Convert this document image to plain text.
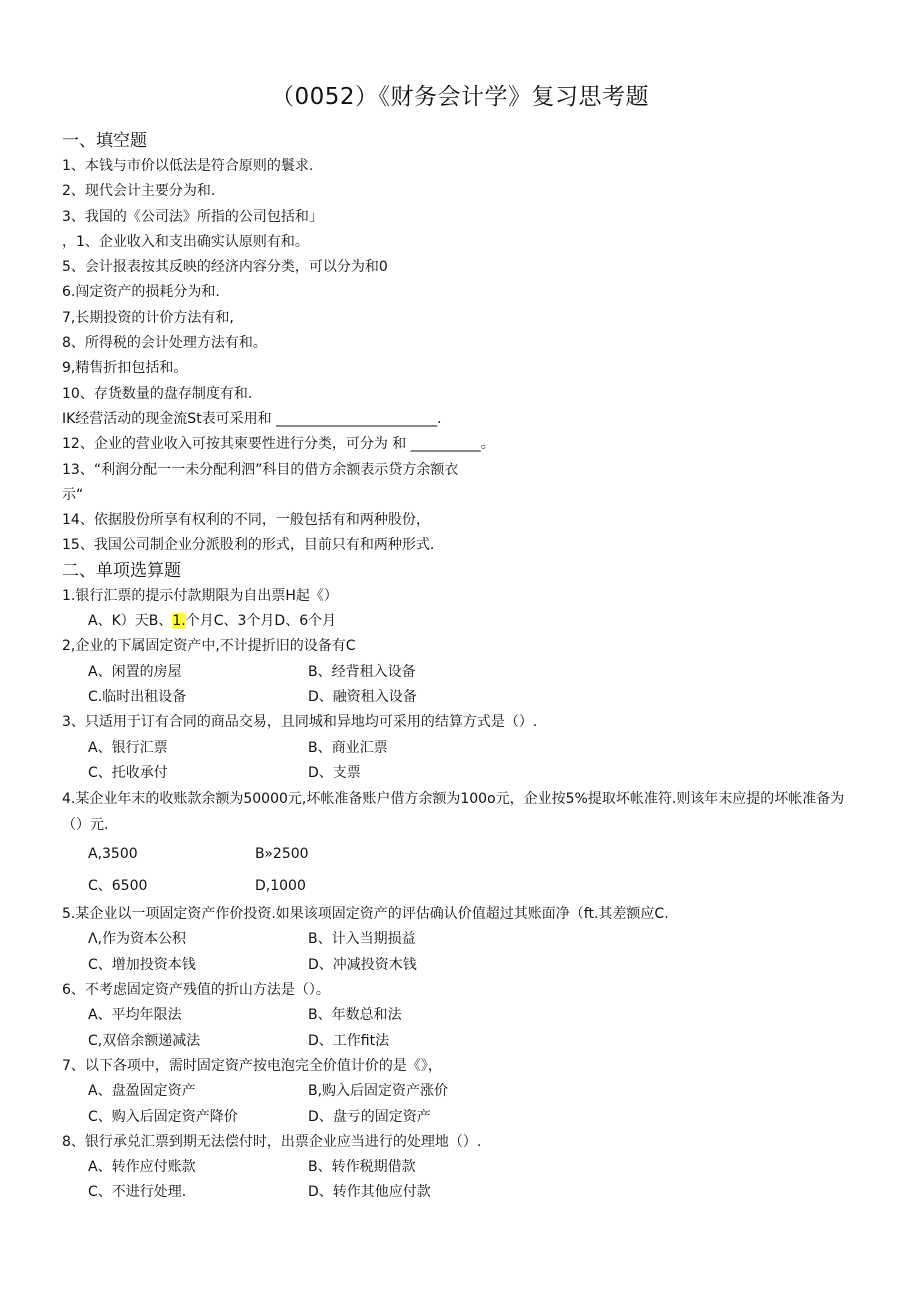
（0052）《财务会计学》复习思考题
一、填空题
1、本钱与市价以低法是符合原则的鬟求.
2、现代会计主要分为和.
3、我国的《公司法》所指的公司包括和」
，1、企业收入和支出确实认原则有和。
5、会计报表按其反映的经济内容分类，可以分为和0
6.闯定资产的损耗分为和.
7,长期投资的计价方法有和,
8、所得税的会计处理方法有和。
9,精售折扣包括和。
10、存货数量的盘存制度有和.
IK经营活动的现金流St表可采用和 _______________________.
12、企业的营业收入可按其柬要性进行分类，可分为 和 __________。
13、“利润分配一一未分配利泗”科目的借方余额表示贷方余额衣
示“
14、依据股份所享有权利的不同，一般包括有和两种股份，
15、我国公司制企业分派股利的形式，目前只有和两种形式.
二、单项选算题
1.银行汇票的提示付款期限为自出票H起《）
A、K）天B、1.个月C、3个月D、6个月
2,企业的下属固定资产中,不计提折旧的设备有C
A、闲置的房屋	B、经背租入设备
C.临时出租设备	D、融资租入设备
3、只适用于订有合同的商品交易，且同城和异地均可采用的结算方式是（）.
A、银行汇票	B、商业汇票
C、托收承付	D、支票
4.某企业年末的收账款余额为50000元,坏帐准备账户借方余额为100o元，企业按5%提取坏帐准符.则该年末应提的坏帐准备为（）元.
A,3500	B»2500
C、6500	D,1000
5.某企业以一项固定资产作价投资.如果该项固定资产的评估确认价值超过其账面净（ft.其差额应C.
Λ,作为资本公积	B、计入当期损益
C、增加投资本钱	D、冲减投资木钱
6、不考虑固定资产残值的折山方法是（）。
A、平均年限法	B、年数总和法
C,双倍余额递减法	D、工作fit法
7、以下各项中，需时固定资产按电泡完全价值计价的是《》，
A、盘盈固定资产	B,购入后固定资产涨价
C、购入后固定资产降价	D、盘亏的固定资产
8、银行承兑汇票到期无法偿付时，出票企业应当进行的处理地（）.
A、转作应付账款	B、转作税期借款
C、不进行处理.	D、转作其他应付款
